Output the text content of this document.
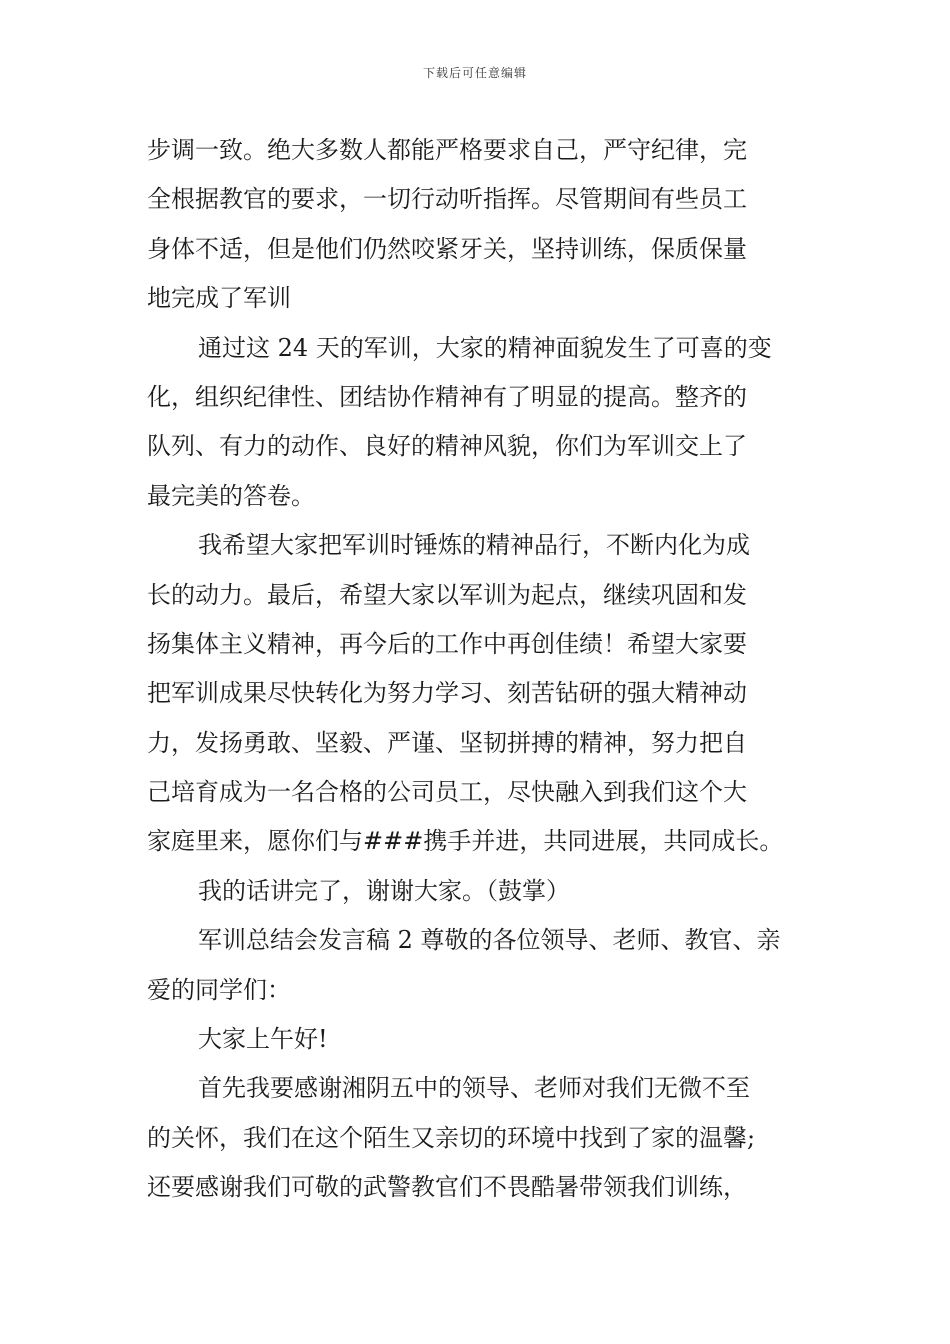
下载后可任意编辑
步调一致。绝大多数人都能严格要求自己，严守纪律，完
全根据教官的要求，一切行动听指挥。尽管期间有些员工
身体不适，但是他们仍然咬紧牙关，坚持训练，保质保量
地完成了军训
通过这 24 天的军训，大家的精神面貌发生了可喜的变
化，组织纪律性、团结协作精神有了明显的提高。整齐的
队列、有力的动作、良好的精神风貌，你们为军训交上了
最完美的答卷。
我希望大家把军训时锤炼的精神品行，不断内化为成
长的动力。最后，希望大家以军训为起点，继续巩固和发
扬集体主义精神，再今后的工作中再创佳绩！希望大家要
把军训成果尽快转化为努力学习、刻苦钻研的强大精神动
力，发扬勇敢、坚毅、严谨、坚韧拼搏的精神，努力把自
己培育成为一名合格的公司员工，尽快融入到我们这个大
家庭里来，愿你们与###携手并进，共同进展，共同成长。
我的话讲完了，谢谢大家。（鼓掌）
军训总结会发言稿 2 尊敬的各位领导、老师、教官、亲
爱的同学们：
大家上午好!
首先我要感谢湘阴五中的领导、老师对我们无微不至
的关怀，我们在这个陌生又亲切的环境中找到了家的温馨;
还要感谢我们可敬的武警教官们不畏酷暑带领我们训练，
